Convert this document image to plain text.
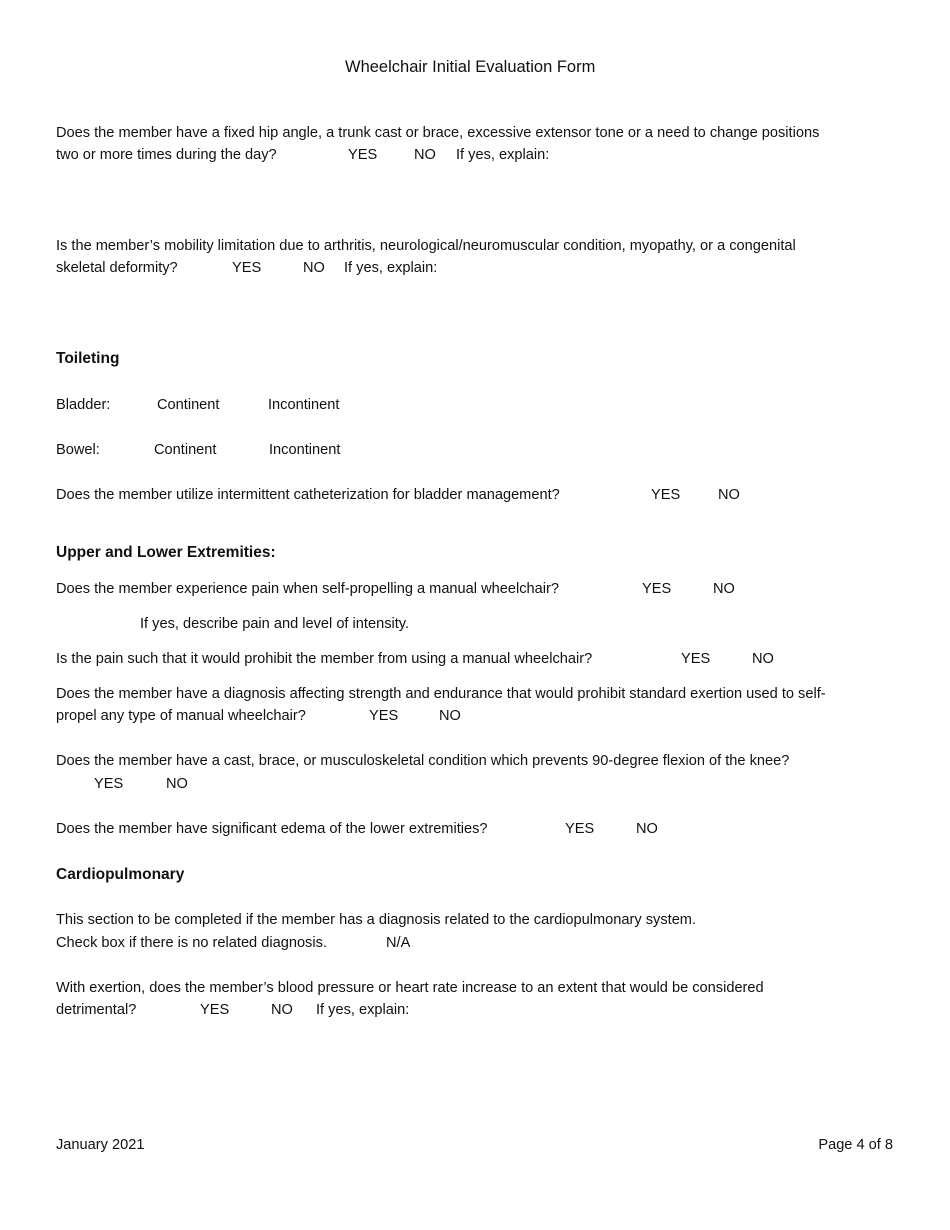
Wheelchair Initial Evaluation Form
Does the member have a fixed hip angle, a trunk cast or brace, excessive extensor tone or a need to change positions
two or more times during the day?	YES	NO If yes, explain:
Is the member’s mobility limitation due to arthritis, neurological/neuromuscular condition, myopathy, or a congenital
skeletal deformity?	YES	NO If yes, explain:
Toileting
Bladder:	Continent	Incontinent
Bowel:	Continent	Incontinent
Does the member utilize intermittent catheterization for bladder management?	YES	NO
Upper and Lower Extremities:
Does the member experience pain when self-propelling a manual wheelchair?	YES	NO
If yes, describe pain and level of intensity.
Is the pain such that it would prohibit the member from using a manual wheelchair?	YES	NO
Does the member have a diagnosis affecting strength and endurance that would prohibit standard exertion used to self-
propel any type of manual wheelchair?	YES	NO
Does the member have a cast, brace, or musculoskeletal condition which prevents 90-degree flexion of the knee?
YES	NO
Does the member have significant edema of the lower extremities?	YES	NO
Cardiopulmonary
This section to be completed if the member has a diagnosis related to the cardiopulmonary system.
Check box if there is no related diagnosis.	N/A
With exertion, does the member’s blood pressure or heart rate increase to an extent that would be considered
detrimental?	YES	NO If yes, explain:
January 2021	Page 4 of 8
